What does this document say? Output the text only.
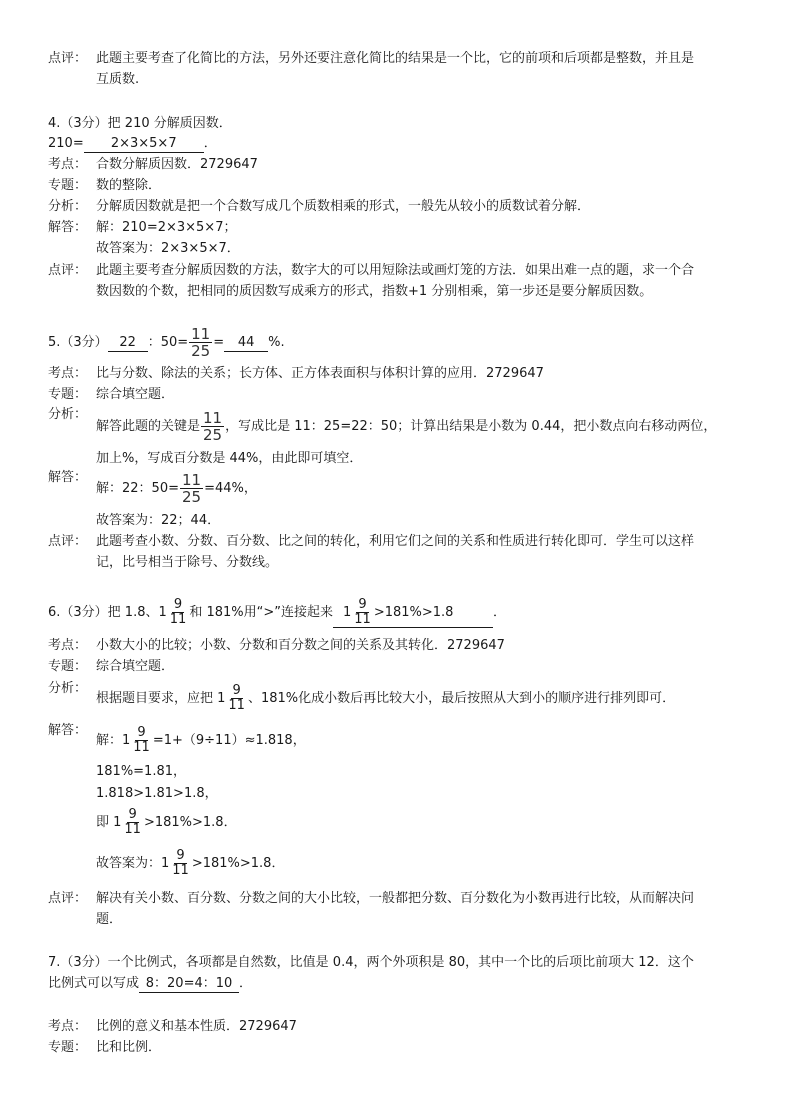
点评： 此题主要考查了化简比的方法，另外还要注意化简比的结果是一个比，它的前项和后项都是整数，并且是
互质数.
4.（3分）把 210 分解质因数．
210= 2×3×5×7 ．
考点： 合数分解质因数．2729647
专题： 数的整除．
分析： 分解质因数就是把一个合数写成几个质数相乘的形式，一般先从较小的质数试着分解．
解答： 解：210=2×3×5×7；
故答案为：2×3×5×7．
点评： 此题主要考查分解质因数的方法，数字大的可以用短除法或画灯笼的方法．如果出难一点的题，求一个合
数因数的个数，把相同的质因数写成乘方的形式，指数+1 分别相乘，第一步还是要分解质因数。
5.（3分） 22 ：$50= \frac{11}{25} = 44$ %.
考点： 比与分数、除法的关系；长方体、正方体表面积与体积计算的应用．2729647
专题： 综合填空题．
分析：
解答此题的关键是 $\frac{11}{25}$ ，写成比是 11：25=22：50；计算出结果是小数为 0.44，把小数点向右移动两位，
加上%，写成百分数是 44%，由此即可填空．
解答：
解：22：$50= \frac{11}{25} =44\%$，
故答案为：22；44．
点评： 此题考查小数、分数、百分数、比之间的转化，利用它们之间的关系和性质进行转化即可．学生可以这样
记，比号相当于除号、分数线。
6.（3分）把 1.8、$1 \frac{9}{11}$ 和 181%用“>”连接起来 $1 \frac{9}{11} >181\%>1.8$	．
考点： 小数大小的比较；小数、分数和百分数之间的关系及其转化．2729647
专题： 综合填空题．
分析：
根据题目要求，应把 $1 \frac{9}{11}$ 、181%化成小数后再比较大小，最后按照从大到小的顺序进行排列即可．
解答：
解：$1 \frac{9}{11} =1+(9\div 11)\approx 1.818$，
181%=1.81，
1.818>1.81>1.8，
即 $1 \frac{9}{11} >181\%>1.8$．
故答案为：$1 \frac{9}{11} >181\%>1.8$．
点评： 解决有关小数、百分数、分数之间的大小比较，一般都把分数、百分数化为小数再进行比较，从而解决问
题．
7.（3分）一个比例式，各项都是自然数，比值是 0.4，两个外项积是 80，其中一个比的后项比前项大 12．这个
比例式可以写成 8：20=4：10 ．
考点： 比例的意义和基本性质．2729647
专题： 比和比例．
